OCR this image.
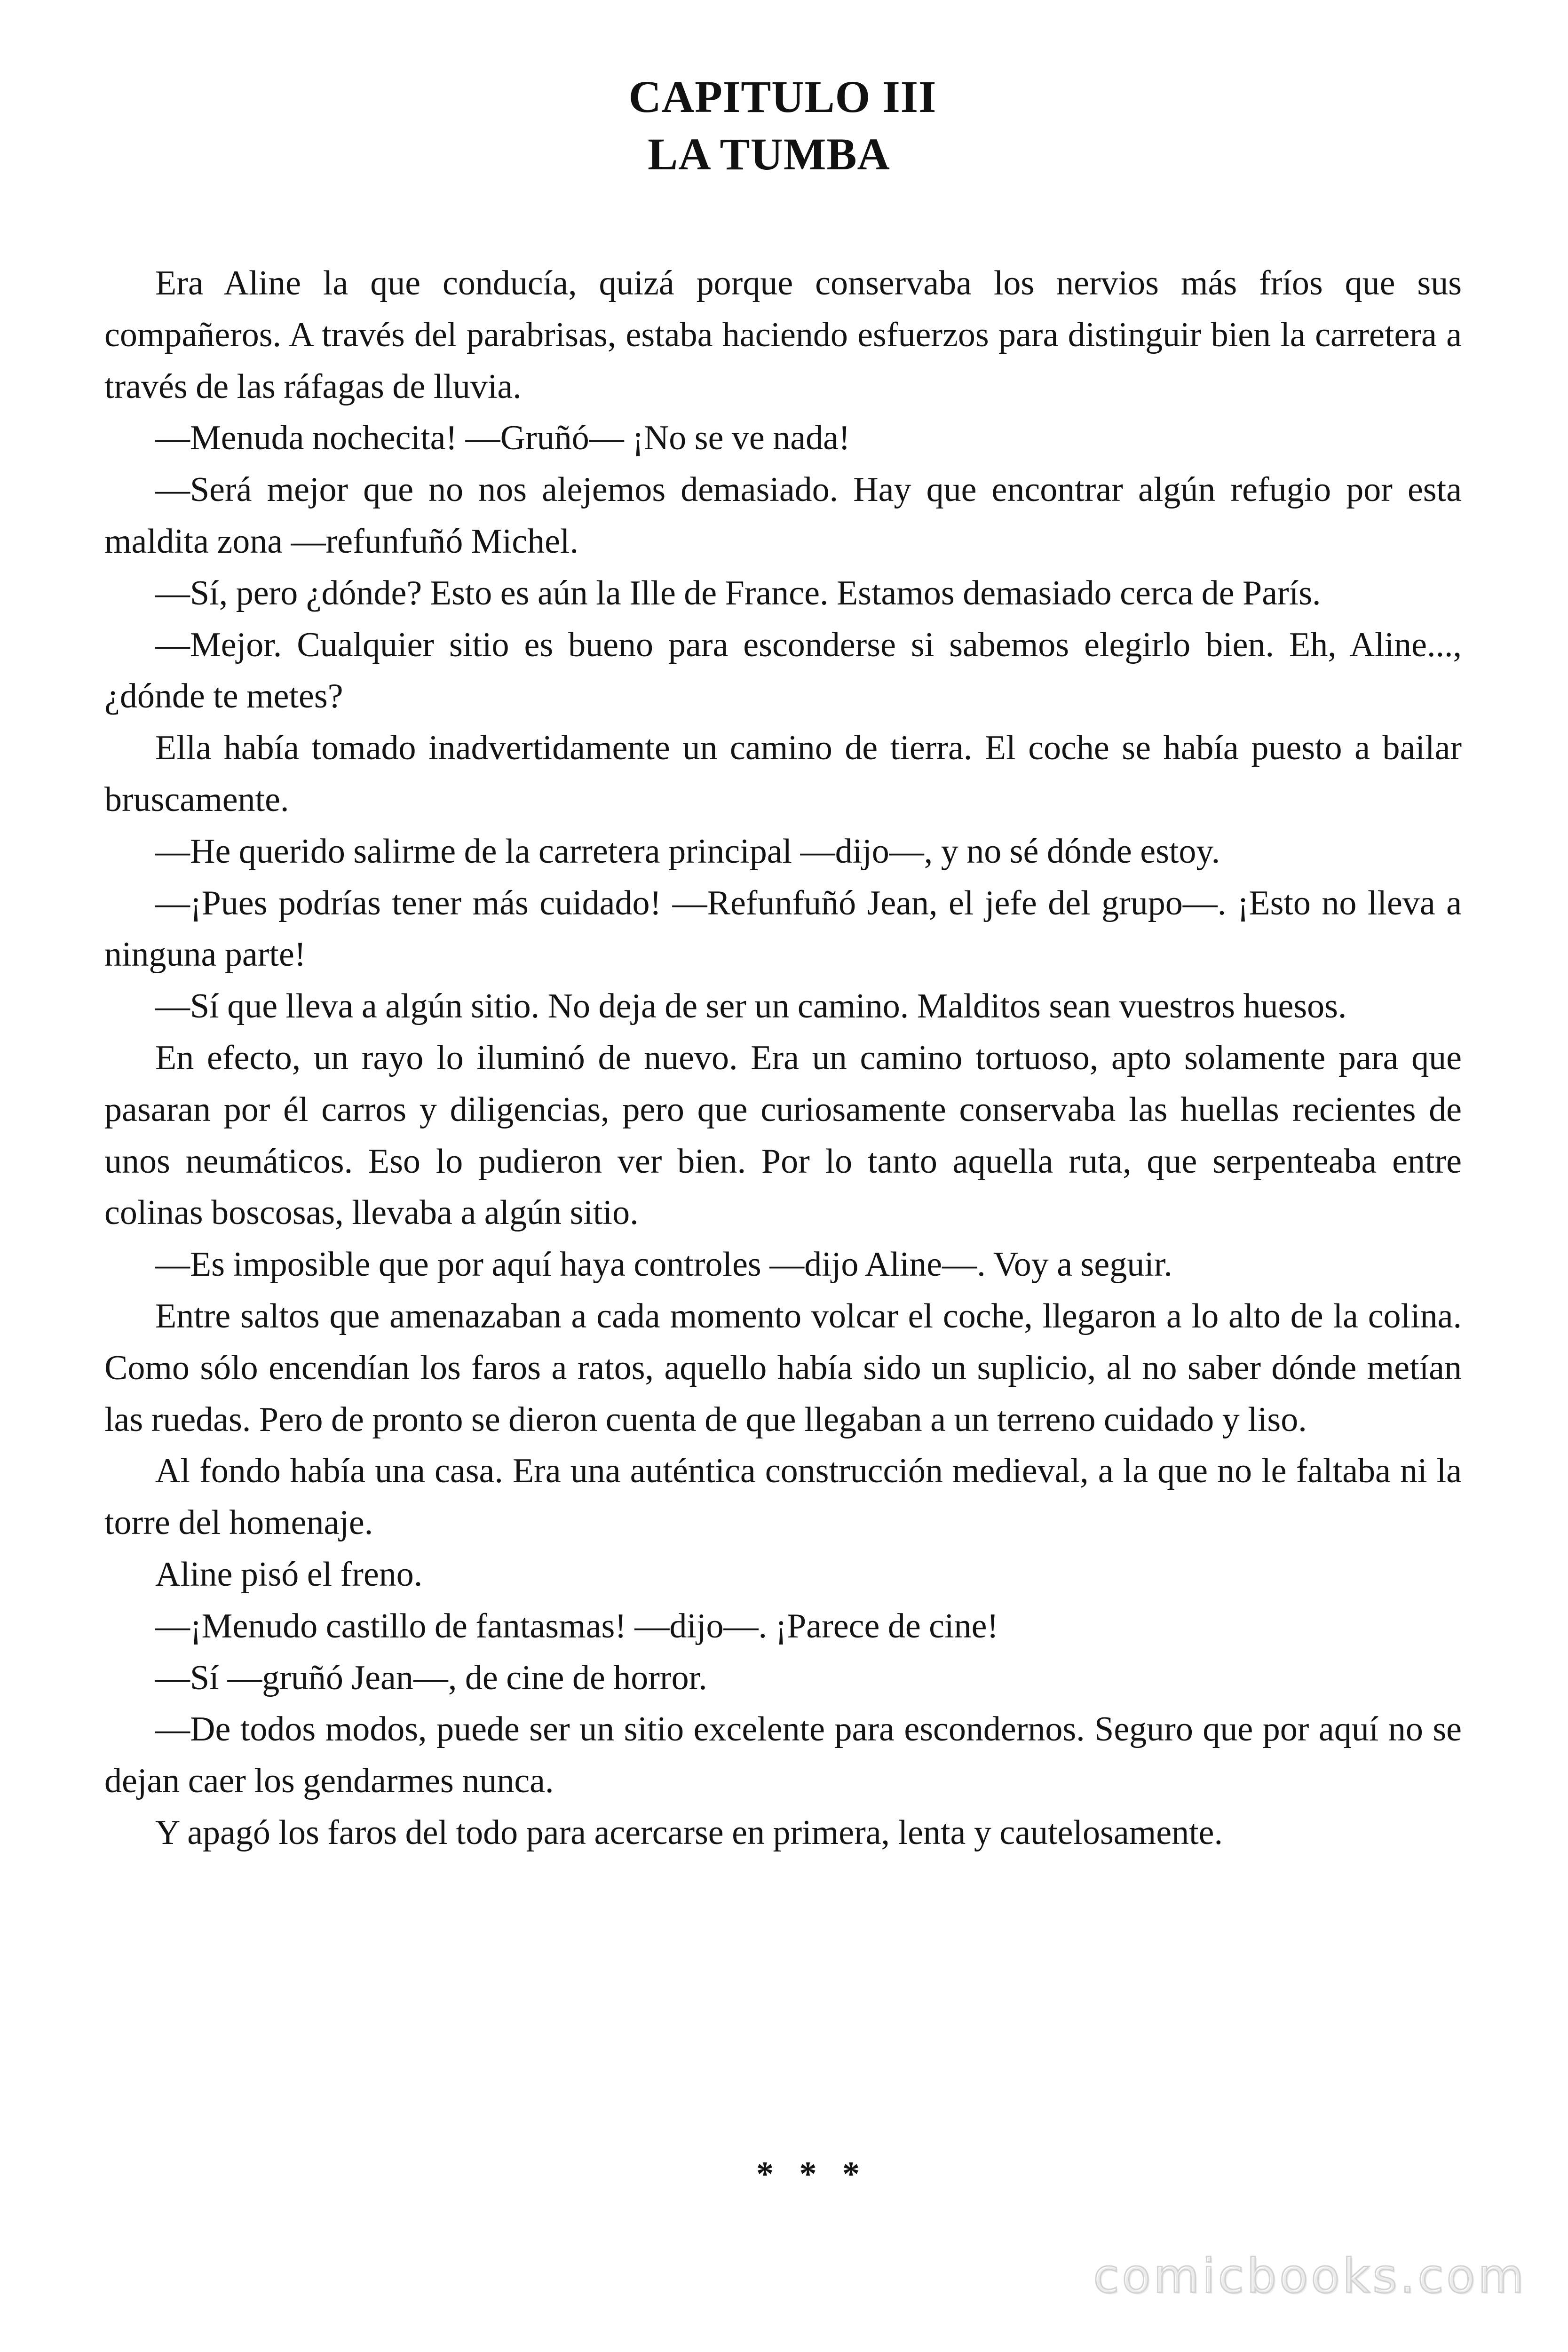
CAPITULO III
LA TUMBA

Era Aline la que conducía, quizá porque conservaba los nervios más fríos que sus compañeros. A través del parabrisas, estaba haciendo esfuerzos para distinguir bien la carretera a través de las ráfagas de lluvia.

—Menuda nochecita! —Gruñó— ¡No se ve nada!

—Será mejor que no nos alejemos demasiado. Hay que encontrar algún refugio por esta maldita zona —refunfuñó Michel.

—Sí, pero ¿dónde? Esto es aún la Ille de France. Estamos demasiado cerca de París.

—Mejor. Cualquier sitio es bueno para esconderse si sabemos elegirlo bien. Eh, Aline..., ¿dónde te metes?

Ella había tomado inadvertidamente un camino de tierra. El coche se había puesto a bailar bruscamente.

—He querido salirme de la carretera principal —dijo—, y no sé dónde estoy.

—¡Pues podrías tener más cuidado! —Refunfuñó Jean, el jefe del grupo—. ¡Esto no lleva a ninguna parte!

—Sí que lleva a algún sitio. No deja de ser un camino. Malditos sean vuestros huesos.

En efecto, un rayo lo iluminó de nuevo. Era un camino tortuoso, apto solamente para que pasaran por él carros y diligencias, pero que curiosamente conservaba las huellas recientes de unos neumáticos. Eso lo pudieron ver bien. Por lo tanto aquella ruta, que serpenteaba entre colinas boscosas, llevaba a algún sitio.

—Es imposible que por aquí haya controles —dijo Aline—. Voy a seguir.

Entre saltos que amenazaban a cada momento volcar el coche, llegaron a lo alto de la colina. Como sólo encendían los faros a ratos, aquello había sido un suplicio, al no saber dónde metían las ruedas. Pero de pronto se dieron cuenta de que llegaban a un terreno cuidado y liso.

Al fondo había una casa. Era una auténtica construcción medieval, a la que no le faltaba ni la torre del homenaje.

Aline pisó el freno.

—¡Menudo castillo de fantasmas! —dijo—. ¡Parece de cine!

—Sí —gruñó Jean—, de cine de horror.

—De todos modos, puede ser un sitio excelente para escondernos. Seguro que por aquí no se dejan caer los gendarmes nunca.

Y apagó los faros del todo para acercarse en primera, lenta y cautelosamente.

* * *
comicbooks.com
